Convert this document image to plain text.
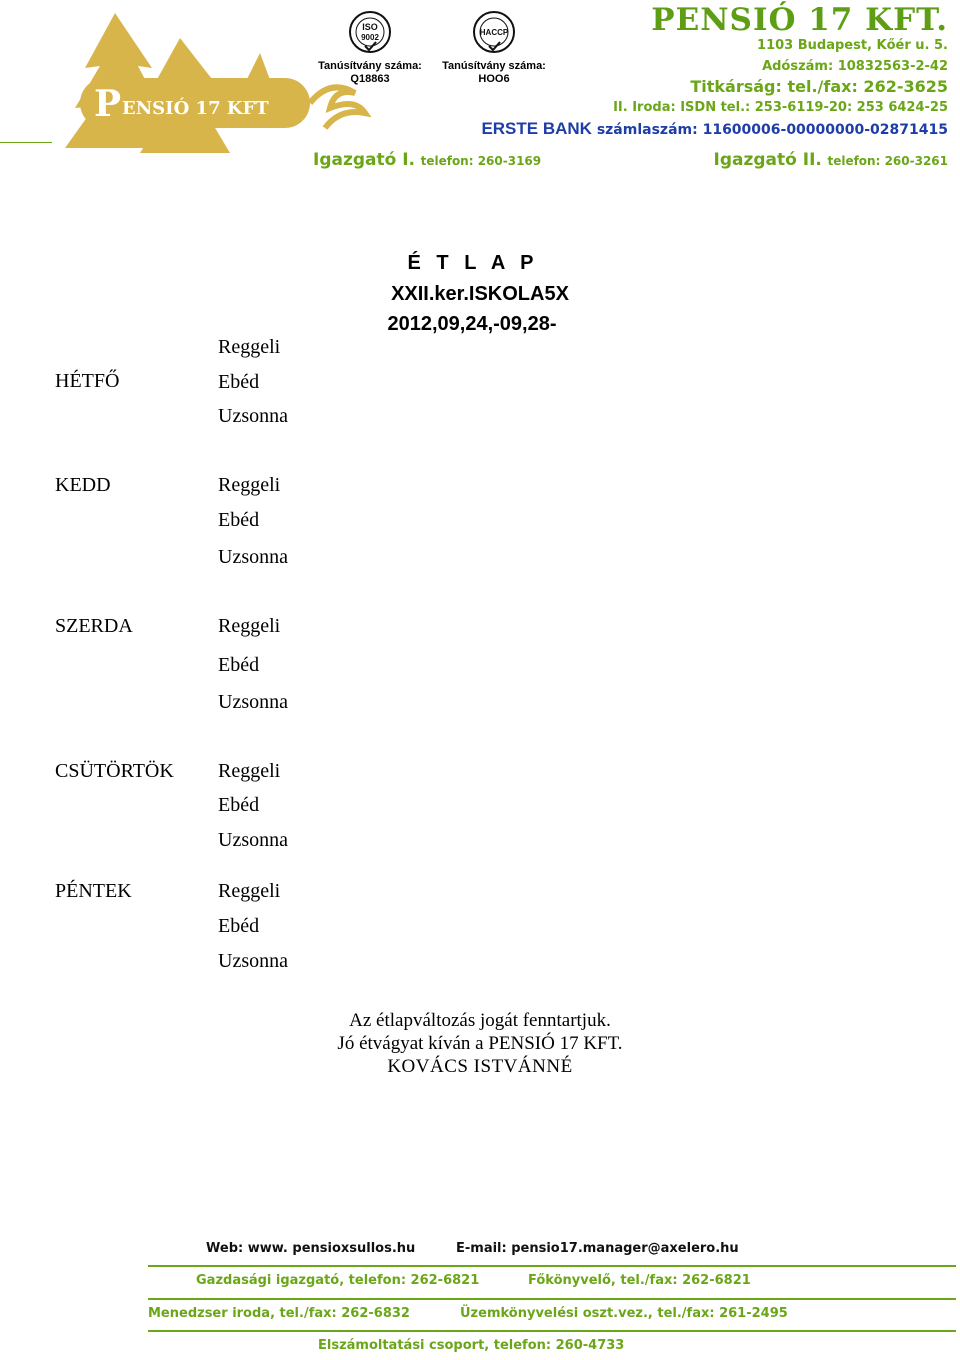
P ENSIÓ 17 KFT
ISO
9002
Tanúsítvány száma:
Q18863
HACCP
Tanúsítvány száma:
HOO6
PENSIÓ 17 KFT.
1103 Budapest, Kőér u. 5.
Adószám: 10832563-2-42
Titkárság: tel./fax: 262-3625
II. Iroda: ISDN tel.: 253-6119-20: 253 6424-25
ERSTE BANK számlaszám: 11600006-00000000-02871415
Igazgató I. telefon: 260-3169	Igazgató II. telefon: 260-3261
É T L A P
XXII.ker.ISKOLA5X
2012,09,24,-09,28-
HÉTFŐ
Reggeli
Ebéd
Uzsonna
KEDD	Reggeli
Ebéd
Uzsonna
SZERDA	Reggeli
Ebéd
Uzsonna
CSÜTÖRTÖK Reggeli
Ebéd
Uzsonna
PÉNTEK	Reggeli
Ebéd
Uzsonna
Az étlapváltozás jogát fenntartjuk.
Jó étvágyat kíván a PENSIÓ 17 KFT.
KOVÁCS ISTVÁNNÉ
Web: www. pensioxsullos.hu	E-mail: pensio17.manager@axelero.hu
Gazdasági igazgató, telefon: 262-6821	Főkönyvelő, tel./fax: 262-6821
Menedzser iroda, tel./fax: 262-6832	Üzemkönyvelési oszt.vez., tel./fax: 261-2495
Elszámoltatási csoport, telefon: 260-4733
